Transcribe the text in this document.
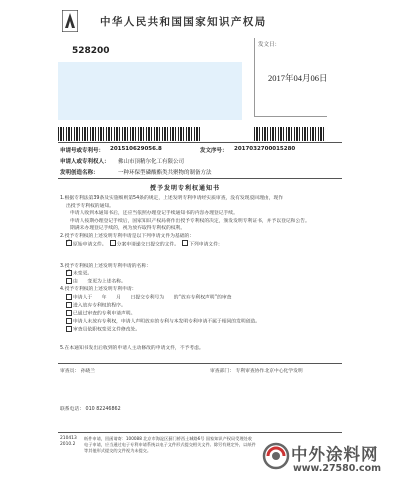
中华人民共和国国家知识产权局
528200
发文日：
2017年04月06日
申请号或专利号： 201510629056.8	发文序号： 2017032700015280
申请人或专利权人： 佛山市顶精尔化工有限公司
发明创造名称：	一种环保型磷酸酯类共聚物的制备方法
授予发明专利权通知书
1.根据专利法第39条及实施细则第54条的规定，上述发明专利申请经实质审查，没有发现驳回理由，现作
出授予专利权的通知。
申请人收到本通知书后，还应当依照办理登记手续通知书的内容办理登记手续。
申请人按期办理登记手续后，国家知识产权局将作出授予专利权的决定，颁发发明专利证书，并予以登记和公告。
期满未办理登记手续的，视为放弃取得专利权的权利。
2.授予专利权的上述发明专利申请是以下列申请文件为基础的：
✓原始申请文件。 分案申请递交日提交的文件。 下列申请文件：
3.授予专利权的上述发明专利申请的名称：
✓未变更。
由　　变更为上述名称。
4.授予专利权的上述发明专利申请：
申请人于　　年　　月　　日提交专利号为　　的“放弃专利权声明”的审查
进入放弃专利权的程序。
已通过审查的专利申请声明。
申请人未放弃专利权，申请人声明放弃的专利与本发明专利申请不属于相同的发明创造。
审查员依职权变更文件修改处。
5.在本通知书发出后收到的申请人主动修改的申请文件，不予考虑。
审查员： 孙晓兰	审查部门： 专利审查协作北京中心化学发明
联系电话： 010 82246862
210413
2010.2
纸件申请，回函请寄：100088 北京市海淀区蓟门桥西土城路6号 国家知识产权局受理处收
电子申请，应当通过电子专利申请系统以电子文件形式提交相关文件。除另有规定外，以纸件等其他形式提交的文件视为未提交。	中外涂料网
www.27580.com
